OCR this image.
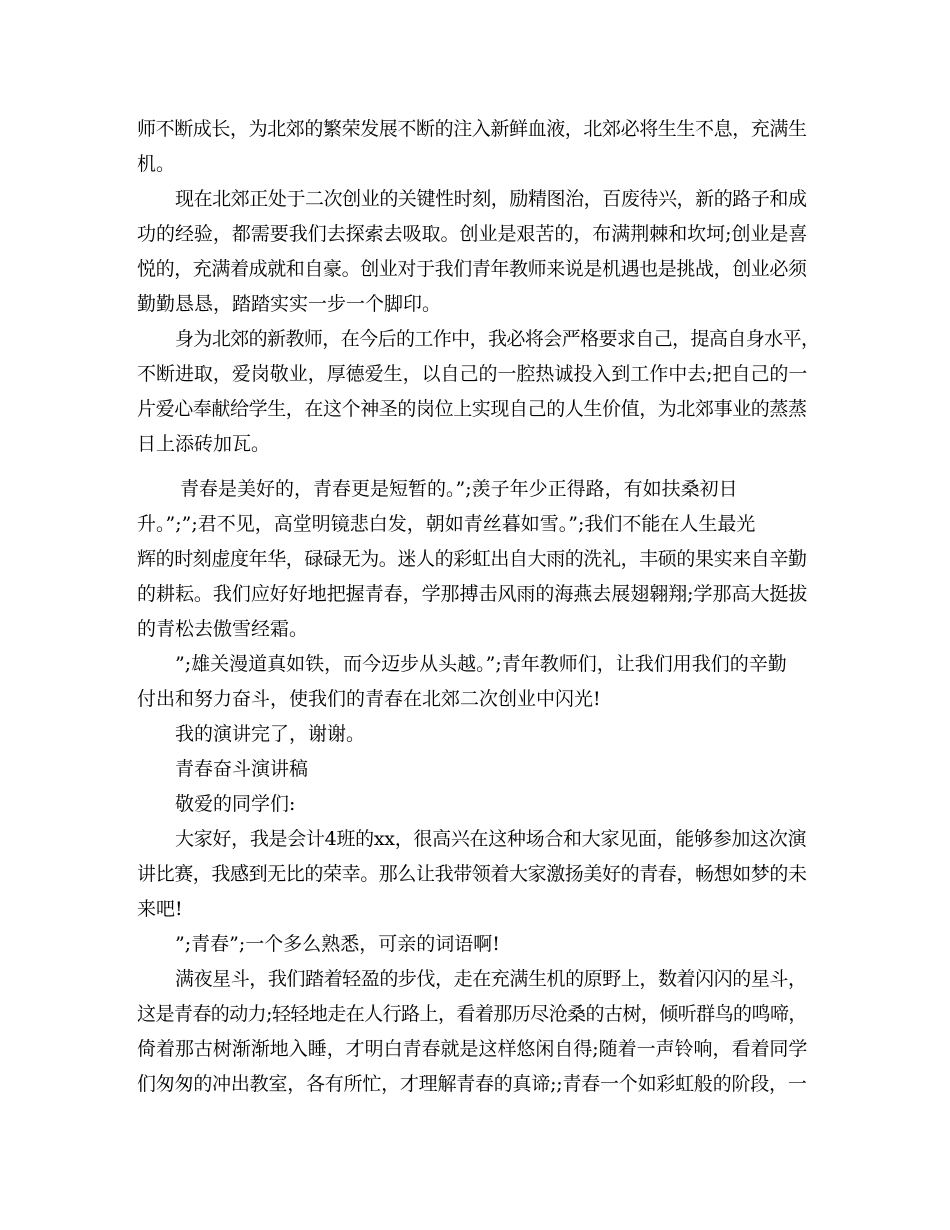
师不断成长，为北郊的繁荣发展不断的注入新鲜血液，北郊必将生生不息，充满生
机。
现在北郊正处于二次创业的关键性时刻，励精图治，百废待兴，新的路子和成
功的经验，都需要我们去探索去吸取。创业是艰苦的，布满荆棘和坎坷;创业是喜
悦的，充满着成就和自豪。创业对于我们青年教师来说是机遇也是挑战，创业必须
勤勤恳恳，踏踏实实一步一个脚印。
身为北郊的新教师，在今后的工作中，我必将会严格要求自己，提高自身水平，
不断进取，爱岗敬业，厚德爱生，以自己的一腔热诚投入到工作中去;把自己的一
片爱心奉献给学生，在这个神圣的岗位上实现自己的人生价值，为北郊事业的蒸蒸
日上添砖加瓦。
青春是美好的，青春更是短暂的。”;羡子年少正得路，有如扶桑初日
升。”;”;君不见，高堂明镜悲白发，朝如青丝暮如雪。”;我们不能在人生最光
辉的时刻虚度年华，碌碌无为。迷人的彩虹出自大雨的洗礼，丰硕的果实来自辛勤
的耕耘。我们应好好地把握青春，学那搏击风雨的海燕去展翅翱翔;学那高大挺拔
的青松去傲雪经霜。
”;雄关漫道真如铁，而今迈步从头越。”;青年教师们，让我们用我们的辛勤
付出和努力奋斗，使我们的青春在北郊二次创业中闪光!
我的演讲完了，谢谢。
青春奋斗演讲稿
敬爱的同学们:
大家好，我是会计4班的xx，很高兴在这种场合和大家见面，能够参加这次演
讲比赛，我感到无比的荣幸。那么让我带领着大家激扬美好的青春，畅想如梦的未
来吧!
”;青春”;一个多么熟悉，可亲的词语啊!
满夜星斗，我们踏着轻盈的步伐，走在充满生机的原野上，数着闪闪的星斗，
这是青春的动力;轻轻地走在人行路上，看着那历尽沧桑的古树，倾听群鸟的鸣啼，
倚着那古树渐渐地入睡，才明白青春就是这样悠闲自得;随着一声铃响，看着同学
们匆匆的冲出教室，各有所忙，才理解青春的真谛;;青春一个如彩虹般的阶段，一
